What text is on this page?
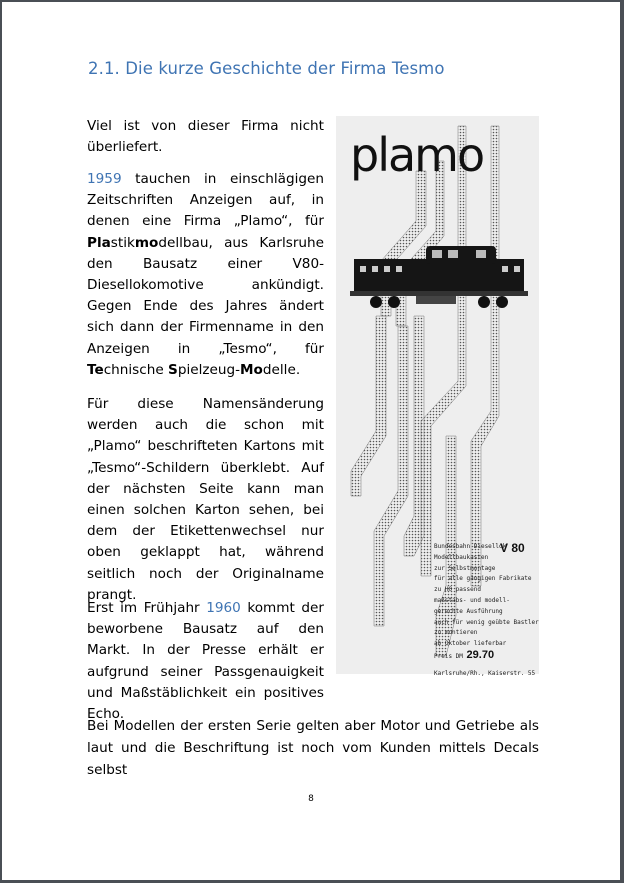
2.1. Die kurze Geschichte der Firma Tesmo

Viel ist von dieser Firma nicht überliefert.

1959 tauchen in einschlägigen Zeitschriften Anzeigen auf, in denen eine Firma „Plamo“, für Plastikmodellbau, aus Karlsruhe den Bausatz einer V80-Diesellokomotive ankündigt. Gegen Ende des Jahres ändert sich dann der Firmenname in den Anzeigen in „Tesmo“, für Technische Spielzeug-Modelle.

Für diese Namensänderung werden auch die schon mit „Plamo“ beschrifteten Kartons mit „Tesmo“-Schildern überklebt. Auf der nächsten Seite kann man einen solchen Karton sehen, bei dem der Etikettenwechsel nur oben geklappt hat, während seitlich noch der Originalname prangt.

Erst im Frühjahr 1960 kommt der beworbene Bausatz auf den Markt. In der Presse erhält er aufgrund seiner Passgenauigkeit und Maßstäblichkeit ein positives Echo.

Bei Modellen der ersten Serie gelten aber Motor und Getriebe als laut und die Beschriftung ist noch vom Kunden mittels Decals selbst
8
plamo
V 80
Bundesbahn Diesellok
Modellbaukasten
zur Selbstmontage
für alle gängigen Fabrikate
zu H0 passend
maßstabs- und modell-
gerechte Ausführung
auch für wenig geübte Bastler
zu montieren
ab Oktober lieferbar
Preis DM 29.70
Karlsruhe/Rh., Kaiserstr. 55
